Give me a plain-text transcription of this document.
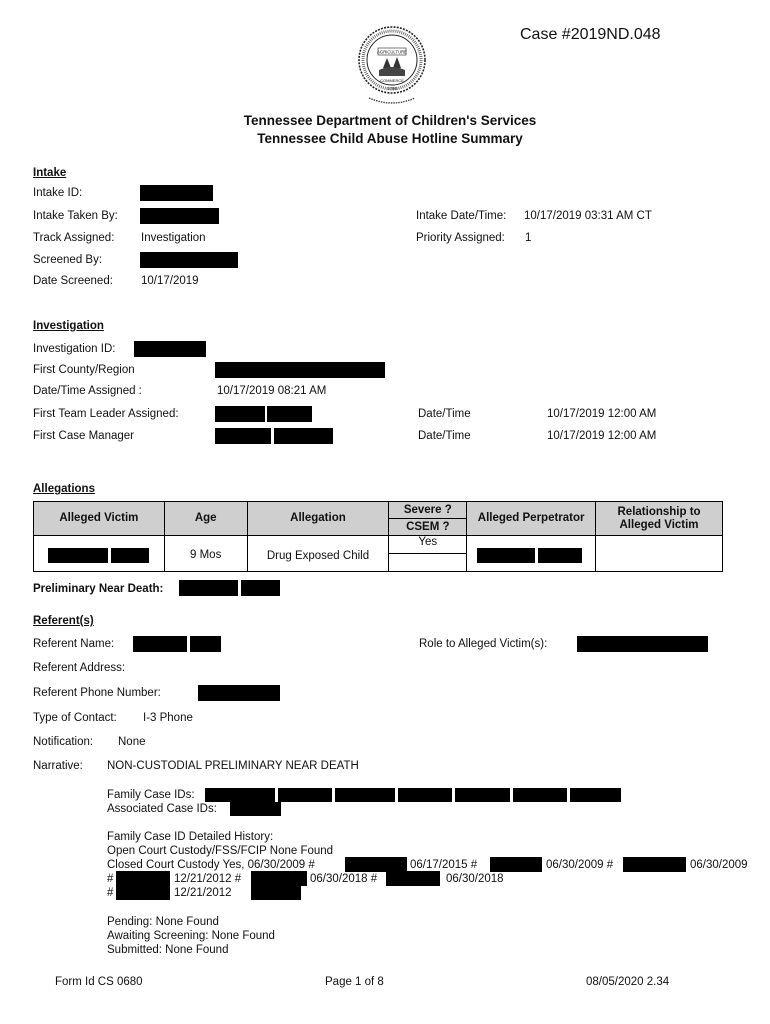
Case #2019ND.048
AGRICULTURE
COMMERCE
1796
Tennessee Department of Children's Services
Tennessee Child Abuse Hotline Summary
Intake
Intake ID:
Intake Taken By:	Intake Date/Time: 10/17/2019 03:31 AM CT
Track Assigned: Investigation	Priority Assigned: 1
Screened By:
Date Screened: 10/17/2019
Investigation
Investigation ID:
First County/Region
Date/Time Assigned :	10/17/2019 08:21 AM
First Team Leader Assigned:	Date/Time	10/17/2019 12:00 AM
First Case Manager	Date/Time	10/17/2019 12:00 AM
Allegations
Alleged Victim	Age	Allegation	Severe ?	Alleged Perpetrator	Relationship to Alleged Victim
			CSEM ?		

	9 Mos	Drug Exposed Child	Yes	

Preliminary Near Death:
Referent(s)
Referent Name:	Role to Alleged Victim(s):
Referent Address:
Referent Phone Number:
Type of Contact: I-3 Phone
Notification: None
Narrative: NON-CUSTODIAL PRELIMINARY NEAR DEATH
Family Case IDs:
Associated Case IDs:
Family Case ID Detailed History:
Open Court Custody/FSS/FCIP None Found
Closed Court Custody Yes, 06/30/2009 #	06/17/2015 #	06/30/2009 #	06/30/2009
#	12/21/2012 #	06/30/2018 #	06/30/2018
#	12/21/2012
Pending: None Found
Awaiting Screening: None Found
Submitted: None Found
Form Id CS 0680	Page 1 of 8	08/05/2020 2.34
